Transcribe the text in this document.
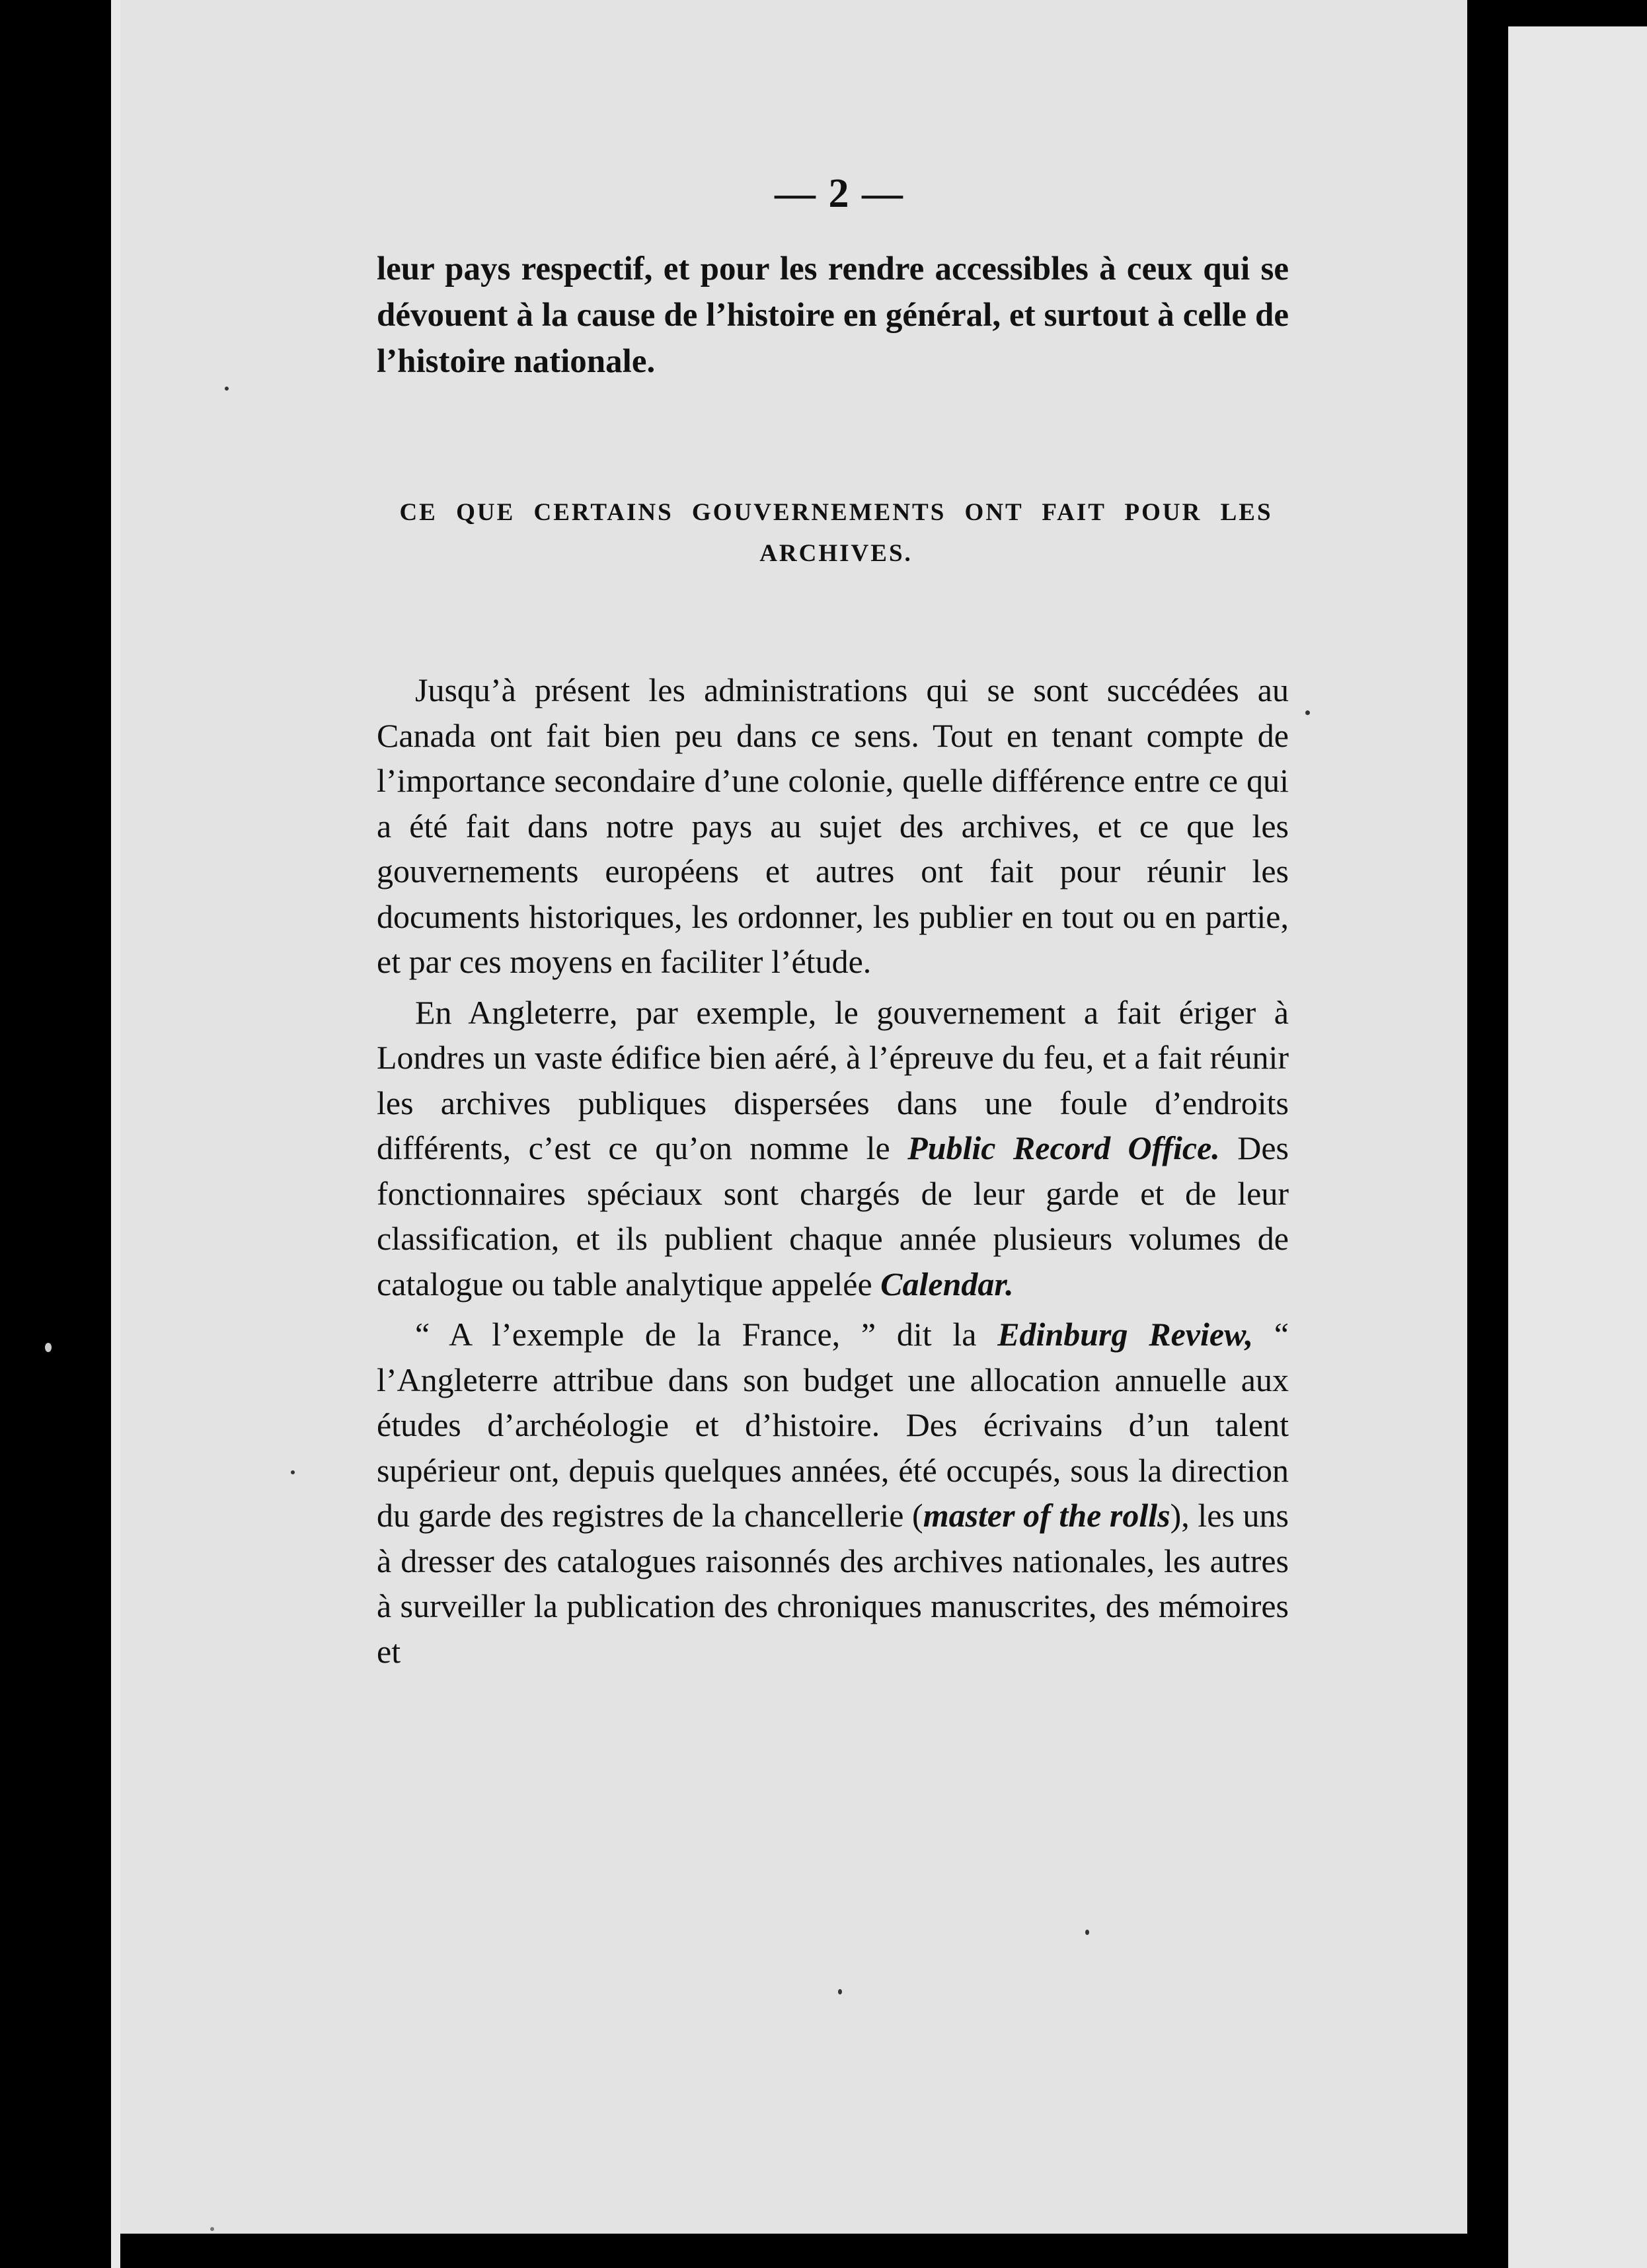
— 2 —

leur pays respectif, et pour les rendre accessibles à ceux qui se dévouent à la cause de l’histoire en général, et surtout à celle de l’histoire nationale.

CE QUE CERTAINS GOUVERNEMENTS ONT FAIT POUR LES ARCHIVES.

Jusqu’à présent les administrations qui se sont succédées au Canada ont fait bien peu dans ce sens. Tout en tenant compte de l’importance secondaire d’une colonie, quelle différence entre ce qui a été fait dans notre pays au sujet des archives, et ce que les gouvernements européens et autres ont fait pour réunir les documents historiques, les ordonner, les publier en tout ou en partie, et par ces moyens en faciliter l’étude.

En Angleterre, par exemple, le gouvernement a fait ériger à Londres un vaste édifice bien aéré, à l’épreuve du feu, et a fait réunir les archives publiques dispersées dans une foule d’endroits différents, c’est ce qu’on nomme le Public Record Office. Des fonctionnaires spéciaux sont chargés de leur garde et de leur classification, et ils publient chaque année plusieurs volumes de catalogue ou table analytique appelée Calendar.

“ A l’exemple de la France, ” dit la Edinburg Review, “ l’Angleterre attribue dans son budget une allocation annuelle aux études d’archéologie et d’histoire. Des écrivains d’un talent supérieur ont, depuis quelques années, été occupés, sous la direction du garde des registres de la chancellerie (master of the rolls), les uns à dresser des catalogues raisonnés des archives nationales, les autres à surveiller la publication des chroniques manuscrites, des mémoires et
